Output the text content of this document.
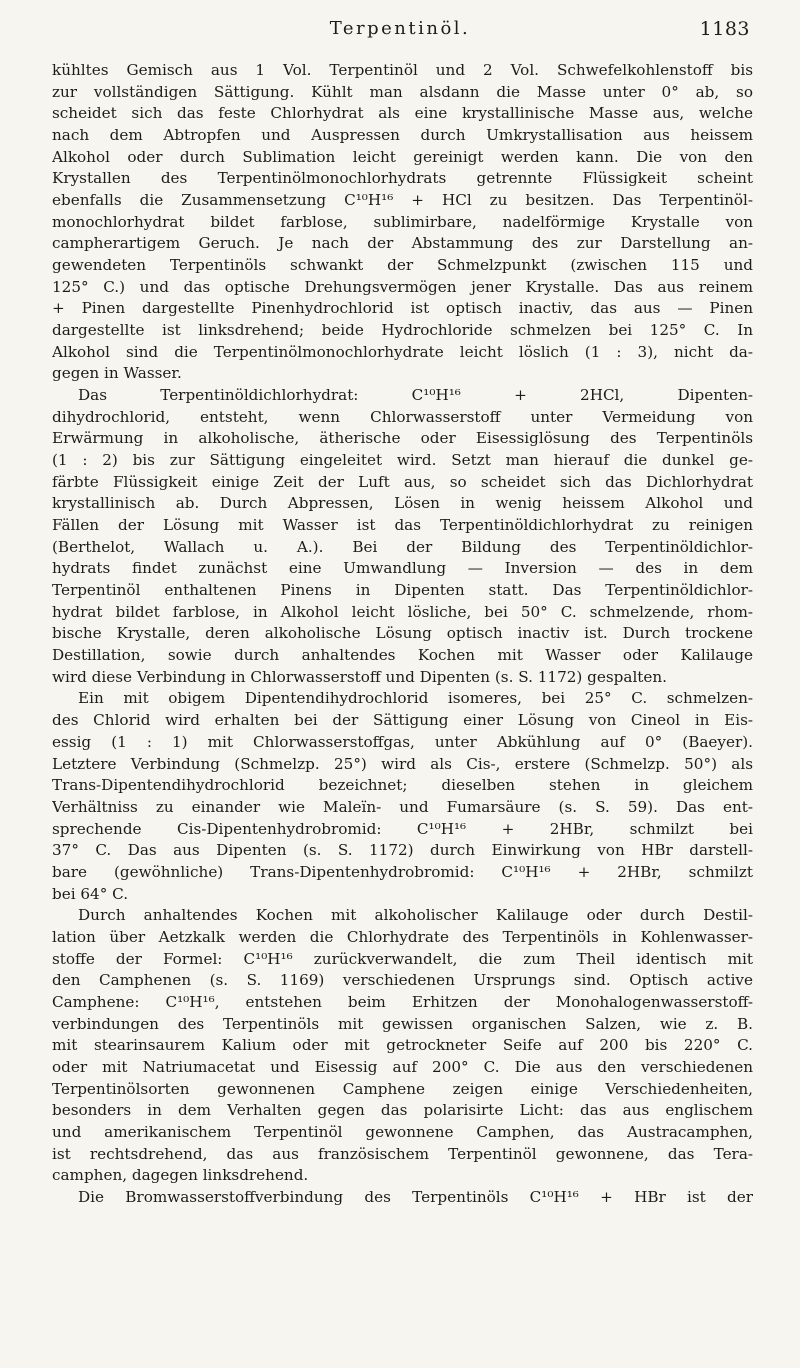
Terpentinöl.	1183
kühltes Gemisch aus 1 Vol. Terpentinöl und 2 Vol. Schwefelkohlenstoff bis
zur vollständigen Sättigung. Kühlt man alsdann die Masse unter 0° ab, so
scheidet sich das feste Chlorhydrat als eine krystallinische Masse aus, welche
nach dem Abtropfen und Auspressen durch Umkrystallisation aus heissem
Alkohol oder durch Sublimation leicht gereinigt werden kann. Die von den
Krystallen des Terpentinölmonochlorhydrats getrennte Flüssigkeit scheint
ebenfalls die Zusammensetzung C¹⁰H¹⁶ + HCl zu besitzen. Das Terpentinöl-
monochlorhydrat bildet farblose, sublimirbare, nadelförmige Krystalle von
campherartigem Geruch. Je nach der Abstammung des zur Darstellung an-
gewendeten Terpentinöls schwankt der Schmelzpunkt (zwischen 115 und
125° C.) und das optische Drehungsvermögen jener Krystalle. Das aus reinem
+ Pinen dargestellte Pinenhydrochlorid ist optisch inactiv, das aus — Pinen
dargestellte ist linksdrehend; beide Hydrochloride schmelzen bei 125° C. In
Alkohol sind die Terpentinölmonochlorhydrate leicht löslich (1 : 3), nicht da-
gegen in Wasser.
Das Terpentinöldichlorhydrat: C¹⁰H¹⁶ + 2HCl, Dipenten-
dihydrochlorid, entsteht, wenn Chlorwasserstoff unter Vermeidung von
Erwärmung in alkoholische, ätherische oder Eisessiglösung des Terpentinöls
(1 : 2) bis zur Sättigung eingeleitet wird. Setzt man hierauf die dunkel ge-
färbte Flüssigkeit einige Zeit der Luft aus, so scheidet sich das Dichlorhydrat
krystallinisch ab. Durch Abpressen, Lösen in wenig heissem Alkohol und
Fällen der Lösung mit Wasser ist das Terpentinöldichlorhydrat zu reinigen
(Berthelot, Wallach u. A.). Bei der Bildung des Terpentinöldichlor-
hydrats findet zunächst eine Umwandlung — Inversion — des in dem
Terpentinöl enthaltenen Pinens in Dipenten statt. Das Terpentinöldichlor-
hydrat bildet farblose, in Alkohol leicht lösliche, bei 50° C. schmelzende, rhom-
bische Krystalle, deren alkoholische Lösung optisch inactiv ist. Durch trockene
Destillation, sowie durch anhaltendes Kochen mit Wasser oder Kalilauge
wird diese Verbindung in Chlorwasserstoff und Dipenten (s. S. 1172) gespalten.
Ein mit obigem Dipentendihydrochlorid isomeres, bei 25° C. schmelzen-
des Chlorid wird erhalten bei der Sättigung einer Lösung von Cineol in Eis-
essig (1 : 1) mit Chlorwasserstoffgas, unter Abkühlung auf 0° (Baeyer).
Letztere Verbindung (Schmelzp. 25°) wird als Cis-, erstere (Schmelzp. 50°) als
Trans-Dipentendihydrochlorid bezeichnet; dieselben stehen in gleichem
Verhältniss zu einander wie Maleïn- und Fumarsäure (s. S. 59). Das ent-
sprechende Cis-Dipentenhydrobromid: C¹⁰H¹⁶ + 2HBr, schmilzt bei
37° C. Das aus Dipenten (s. S. 1172) durch Einwirkung von HBr darstell-
bare (gewöhnliche) Trans-Dipentenhydrobromid: C¹⁰H¹⁶ + 2HBr, schmilzt
bei 64° C.
Durch anhaltendes Kochen mit alkoholischer Kalilauge oder durch Destil-
lation über Aetzkalk werden die Chlorhydrate des Terpentinöls in Kohlenwasser-
stoffe der Formel: C¹⁰H¹⁶ zurückverwandelt, die zum Theil identisch mit
den Camphenen (s. S. 1169) verschiedenen Ursprungs sind. Optisch active
Camphene: C¹⁰H¹⁶, entstehen beim Erhitzen der Monohalogenwasserstoff-
verbindungen des Terpentinöls mit gewissen organischen Salzen, wie z. B.
mit stearinsaurem Kalium oder mit getrockneter Seife auf 200 bis 220° C.
oder mit Natriumacetat und Eisessig auf 200° C. Die aus den verschiedenen
Terpentinölsorten gewonnenen Camphene zeigen einige Verschiedenheiten,
besonders in dem Verhalten gegen das polarisirte Licht: das aus englischem
und amerikanischem Terpentinöl gewonnene Camphen, das Austracamphen,
ist rechtsdrehend, das aus französischem Terpentinöl gewonnene, das Tera-
camphen, dagegen linksdrehend.
Die Bromwasserstoffverbindung des Terpentinöls C¹⁰H¹⁶ + HBr ist der
